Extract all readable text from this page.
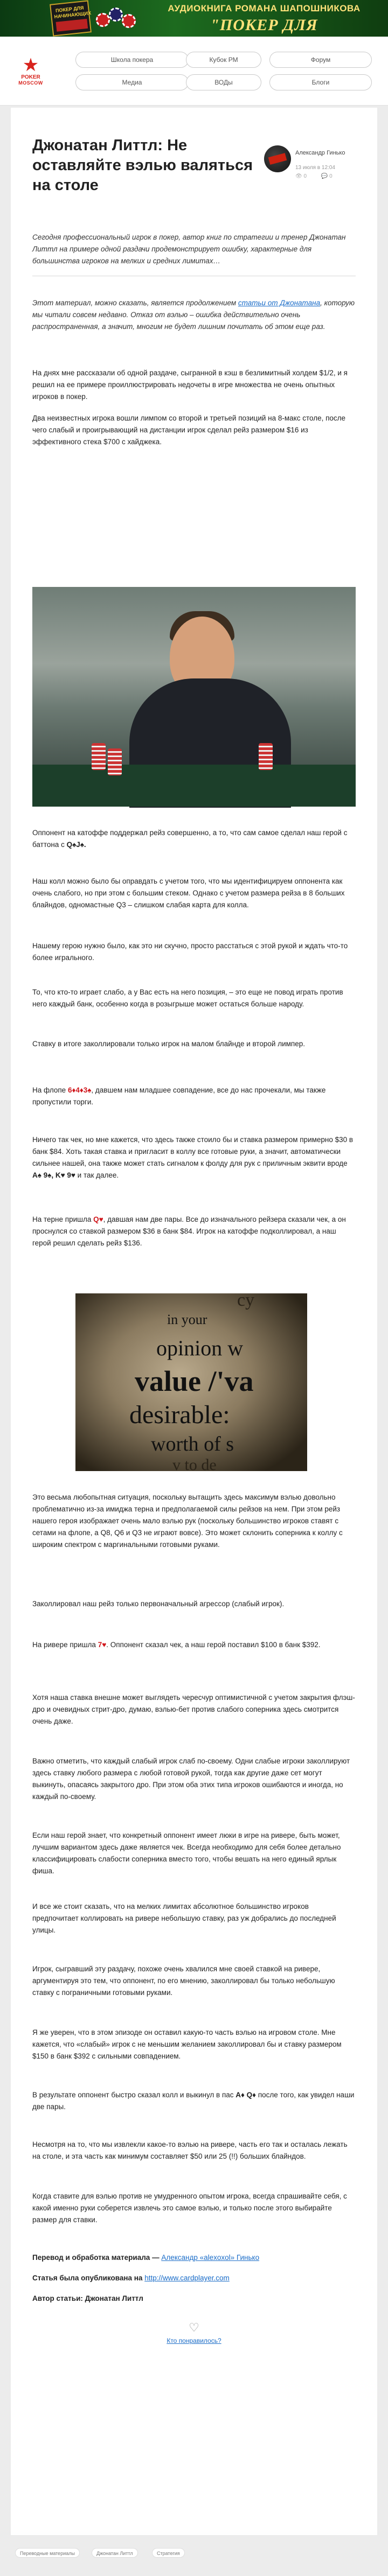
ПОКЕР ДЛЯ НАЧИНАЮЩИХ
АУДИОКНИГА РОМАНА ШАПОШНИКОВА
"ПОКЕР ДЛЯ
★
POKER
MOSCOW
Школа покера	Кубок РМ	Форум
Медиа	ВОДы	Блоги
Джонатан Литтл: Не оставляйте вэлью валяться на столе
Александр Гинько
13 июля в 12:04
👁 0	💬 0

Сегодня профессиональный игрок в покер, автор книг по стратегии и тренер Джонатан Литтл на примере одной раздачи продемонстрирует ошибку, характерные для большинства игроков на мелких и средних лимитах…

Этот материал, можно сказать, является продолжением статьи от Джонатана, которую мы читали совсем недавно. Отказ от вэлью – ошибка действительно очень распространенная, а значит, многим не будет лишним почитать об этом еще раз.

На днях мне рассказали об одной раздаче, сыгранной в кэш в безлимитный холдем $1/2, и я решил на ее примере проиллюстрировать недочеты в игре множества не очень опытных игроков в покер.

Два неизвестных игрока вошли лимпом со второй и третьей позиций на 8-макс столе, после чего слабый и проигрывающий на дистанции игрок сделал рейз размером $16 из эффективного стека $700 с хайджека.

Оппонент на катоффе поддержал рейз совершенно, а то, что сам самое сделал наш герой с баттона с Q♠J♠.

Наш колл можно было бы оправдать с учетом того, что мы идентифицируем оппонента как очень слабого, но при этом с большим стеком. Однако с учетом размера рейза в 8 больших блайндов, одномастные Q3 – слишком слабая карта для колла.

Нашему герою нужно было, как это ни скучно, просто расстаться с этой рукой и ждать что-то более игрального.

То, что кто-то играет слабо, а у Вас есть на него позиция, – это еще не повод играть против него каждый банк, особенно когда в розыгрыше может остаться больше народу.

Ставку в итоге заколлировали только игрок на малом блайнде и второй лимпер.

На флопе 6♦4♦3♠, давшем нам младшее совпадение, все до нас прочекали, мы также пропустили торги.

Ничего так чек, но мне кажется, что здесь также стоило бы и ставка размером примерно $30 в банк $84. Хоть такая ставка и пригласит в коллу все готовые руки, а значит, автоматически сильнее нашей, она также может стать сигналом к фолду для рук с приличным эквити вроде A♠ 9♠, K♥ 9♥ и так далее.

На терне пришла Q♥, давшая нам две пары. Все до изначального рейзера сказали чек, а он проснулся со ставкой размером $36 в банк $84. Игрок на катоффе подколлировал, а наш герой решил сделать рейз $136.

cy
in your
opinion w
value /'va
desirable:
worth of s
v to de

Это весьма любопытная ситуация, поскольку вытащить здесь максимум вэлью довольно проблематично из-за имиджа терна и предполагаемой силы рейзов на нем. При этом рейз нашего героя изображает очень мало вэлью рук (поскольку большинство игроков ставят с сетами на флопе, а Q8, Q6 и Q3 не играют вовсе). Это может склонить соперника к коллу с широким спектром с маргинальными готовыми руками.

Заколлировал наш рейз только первоначальный агрессор (слабый игрок).

На ривере пришла 7♥. Оппонент сказал чек, а наш герой поставил $100 в банк $392.

Хотя наша ставка внешне может выглядеть чересчур оптимистичной с учетом закрытия флэш-дро и очевидных стрит-дро, думаю, вэлью-бет против слабого соперника здесь смотрится очень даже.

Важно отметить, что каждый слабый игрок слаб по-своему. Одни слабые игроки заколлируют здесь ставку любого размера с любой готовой рукой, тогда как другие даже сет могут выкинуть, опасаясь закрытого дро. При этом оба этих типа игроков ошибаются и иногда, но каждый по-своему.

Если наш герой знает, что конкретный оппонент имеет люки в игре на ривере, быть может, лучшим вариантом здесь даже является чек. Всегда необходимо для себя более детально классифицировать слабости соперника вместо того, чтобы вешать на него единый ярлык фиша.

И все же стоит сказать, что на мелких лимитах абсолютное большинство игроков предпочитает коллировать на ривере небольшую ставку, раз уж добрались до последней улицы.

Игрок, сыгравший эту раздачу, похоже очень хвалился мне своей ставкой на ривере, аргументируя это тем, что оппонент, по его мнению, заколлировал бы только небольшую ставку с пограничными готовыми руками.

Я же уверен, что в этом эпизоде он оставил какую-то часть вэлью на игровом столе. Мне кажется, что «слабый» игрок с не меньшим желанием заколлировал бы и ставку размером $150 в банк $392 с сильными совпадением.

В результате оппонент быстро сказал колл и выкинул в пас A♦ Q♦ после того, как увидел наши две пары.

Несмотря на то, что мы извлекли какое-то вэлью на ривере, часть его так и осталась лежать на столе, и эта часть как минимум составляет $50 или 25 (!!) больших блайндов.

Когда ставите для вэлью против не умудренного опытом игрока, всегда спрашивайте себя, с какой именно руки соберется извлечь это самое вэлью, и только после этого выбирайте размер для ставки.

Перевод и обработка материала — Александр «alexoxol» Гинько

Статья была опубликована на http://www.cardplayer.com

Автор статьи: Джонатан Литтл

♡
Кто понравилось?
Переводные материалы	Джонатан Литтл	Стратегия
